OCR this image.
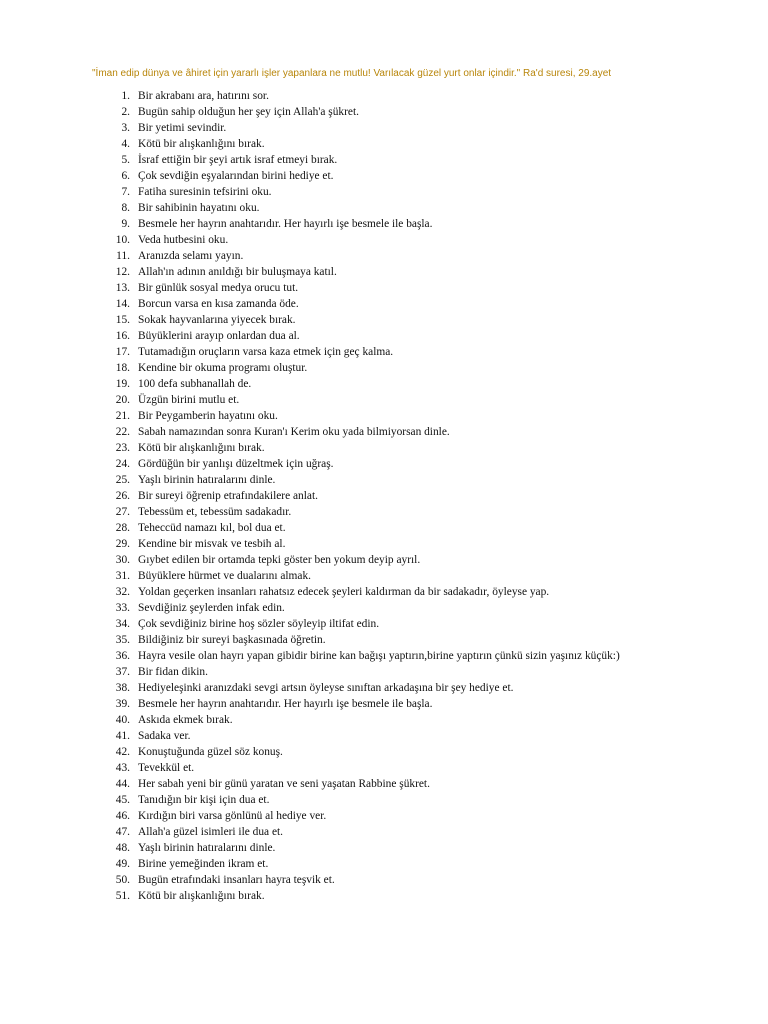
"İman edip dünya ve âhiret için yararlı işler yapanlara ne mutlu! Varılacak güzel yurt onlar içindir." Ra'd suresi, 29.ayet
1. Bir akrabanı ara, hatırını sor.
2. Bugün sahip olduğun her şey için Allah'a şükret.
3. Bir yetimi sevindir.
4. Kötü bir alışkanlığını bırak.
5. İsraf ettiğin bir şeyi artık israf etmeyi bırak.
6. Çok sevdiğin eşyalarından birini hediye et.
7. Fatiha suresinin tefsirini oku.
8. Bir sahibinin hayatını oku.
9. Besmele her hayrın anahtarıdır. Her hayırlı işe besmele ile başla.
10. Veda hutbesini oku.
11. Aranızda selamı yayın.
12. Allah'ın adının anıldığı bir buluşmaya katıl.
13. Bir günlük sosyal medya orucu tut.
14. Borcun varsa en kısa zamanda öde.
15. Sokak hayvanlarına yiyecek bırak.
16. Büyüklerini arayıp onlardan dua al.
17. Tutamadığın oruçların varsa kaza etmek için geç kalma.
18. Kendine bir okuma programı oluştur.
19. 100 defa subhanallah de.
20. Üzgün birini mutlu et.
21. Bir Peygamberin hayatını oku.
22. Sabah namazından sonra Kuran'ı Kerim oku yada bilmiyorsan dinle.
23. Kötü bir alışkanlığını bırak.
24. Gördüğün bir yanlışı düzeltmek için uğraş.
25. Yaşlı birinin hatıralarını dinle.
26. Bir sureyi öğrenip etrafındakilere anlat.
27. Tebessüm et, tebessüm sadakadır.
28. Teheccüd namazı kıl, bol dua et.
29. Kendine bir misvak ve tesbih al.
30. Gıybet edilen bir ortamda tepki göster ben yokum deyip ayrıl.
31. Büyüklere hürmet ve dualarını almak.
32. Yoldan geçerken insanları rahatsız edecek şeyleri kaldırman da bir sadakadır, öyleyse yap.
33. Sevdiğiniz şeylerden infak edin.
34. Çok sevdiğiniz birine hoş sözler söyleyip iltifat edin.
35. Bildiğiniz bir sureyi başkasınada öğretin.
36. Hayra vesile olan hayrı yapan gibidir birine kan bağışı yaptırın,birine yaptırın çünkü sizin yaşınız küçük:)
37. Bir fidan dikin.
38. Hediyeleşinki aranızdaki sevgi artsın öyleyse sınıftan arkadaşına bir şey hediye et.
39. Besmele her hayrın anahtarıdır. Her hayırlı işe besmele ile başla.
40. Askıda ekmek bırak.
41. Sadaka ver.
42. Konuştuğunda güzel söz konuş.
43. Tevekkül et.
44. Her sabah yeni bir günü yaratan ve seni yaşatan Rabbine şükret.
45. Tanıdığın bir kişi için dua et.
46. Kırdığın biri varsa gönlünü al hediye ver.
47. Allah'a güzel isimleri ile dua et.
48. Yaşlı birinin hatıralarını dinle.
49. Birine yemeğinden ikram et.
50. Bugün etrafındaki insanları hayra teşvik et.
51. Kötü bir alışkanlığını bırak.
